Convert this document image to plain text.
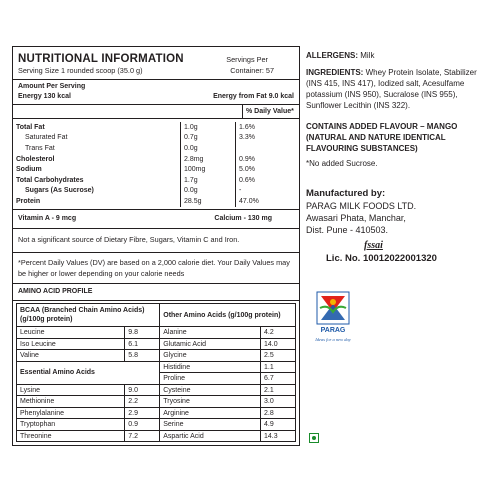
NUTRITIONAL INFORMATION	Servings Per
Serving Size 1 rounded scoop (35.0 g)	Container: 57
Amount Per Serving
Energy 130 kcal	Energy from Fat 9.0 kcal
% Daily Value*
Total Fat	1.0g	1.6%
Saturated Fat	0.7g	3.3%
Trans Fat	0.0g	
Cholesterol	2.8mg	0.9%
Sodium	100mg	5.0%
Total Carbohydrates	1.7g	0.6%
Sugars (As Sucrose)	0.0g	-
Protein	28.5g	47.0%
Vitamin A - 9 mcg	Calcium - 130 mg
Not a significant source of Dietary Fibre, Sugars, Vitamin C and Iron.
*Percent Daily Values (DV) are based on a 2,000 calorie diet. Your Daily Values may be higher or lower depending on your calorie needs
AMINO ACID PROFILE
BCAA (Branched Chain Amino Acids) (g/100g protein)		Other Amino Acids (g/100g protein)	
Leucine	9.8	Alanine	4.2
Iso Leucine	6.1	Glutamic Acid	14.0
Valine	5.8	Glycine	2.5
Essential Amino Acids		Histidine	1.1
		Proline	6.7
Lysine	9.0	Cysteine	2.1
Methionine	2.2	Tryosine	3.0
Phenylalanine	2.9	Arginine	2.8
Tryptophan	0.9	Serine	4.9
Threonine	7.2	Aspartic Acid	14.3

ALLERGENS: Milk

INGREDIENTS: Whey Protein Isolate, Stabilizer (INS 415, INS 417), Iodized salt, Acesulfame potassium (INS 950), Sucralose (INS 955), Sunflower Lecithin (INS 322).

CONTAINS ADDED FLAVOUR – MANGO (NATURAL AND NATURE IDENTICAL FLAVOURING SUBSTANCES)

*No added Sucrose.

Manufactured by:

PARAG MILK FOODS LTD.

Awasari Phata, Manchar,

Dist. Pune - 410503.

fssai

Lic. No. 10012022001320

PARAG
Ideas for a new day
